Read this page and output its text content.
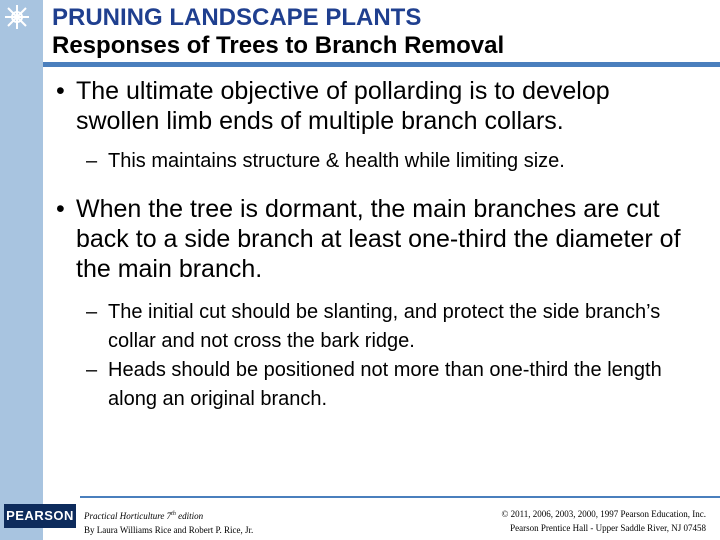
PRUNING LANDSCAPE PLANTS
Responses of Trees to Branch Removal
• The ultimate objective of pollarding is to develop swollen limb ends of multiple branch collars.
– This maintains structure & health while limiting size.
• When the tree is dormant, the main branches are cut back to a side branch at least one-third the diameter of the main branch.
– The initial cut should be slanting, and protect the side branch’s collar and not cross the bark ridge.
– Heads should be positioned not more than one-third the length along an original branch.
PEARSON Practical Horticulture 7th edition
By Laura Williams Rice and Robert P. Rice, Jr.
© 2011, 2006, 2003, 2000, 1997 Pearson Education, Inc.
Pearson Prentice Hall - Upper Saddle River, NJ 07458
